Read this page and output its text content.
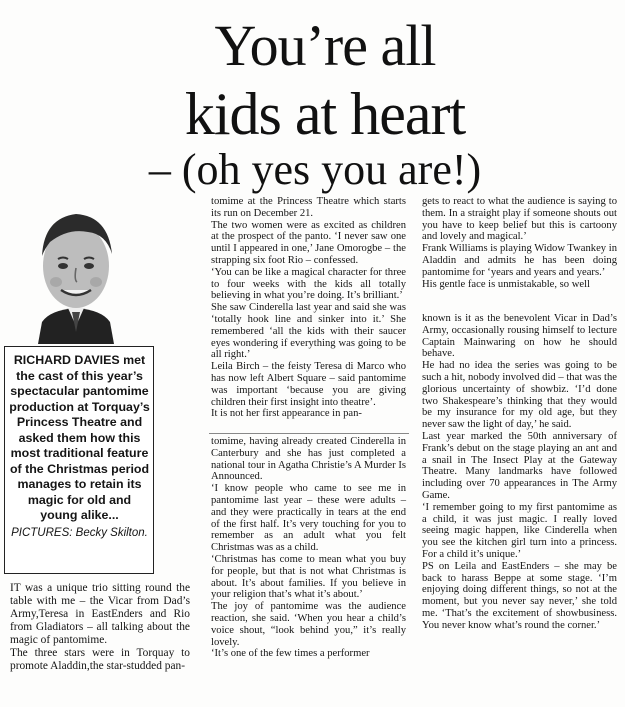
You’re all
kids at heart
– (oh yes you are!)
RICHARD DAVIES met the cast of this year’s spectacular pantomime production at Torquay’s Princess Theatre and asked them how this most traditional feature of the Christmas period manages to retain its magic for old and young alike...
PICTURES: Becky Skilton.

IT was a unique trio sitting round the table with me – the Vicar from Dad’s Army,Teresa in EastEnders and Rio from Gladiators – all talking about the magic of pantomime.

The three stars were in Torquay to promote Aladdin,the star-studded pan-

tomime at the Princess Theatre which starts its run on December 21.

The two women were as excited as children at the prospect of the panto. ‘I never saw one until I appeared in one,’ Jane Omorogbe – the strapping six foot Rio – confessed.

‘You can be like a magical character for three to four weeks with the kids all totally believing in what you’re doing. It’s brilliant.’

She saw Cinderella last year and said she was ‘totally hook line and sinker into it.’ She remembered ‘all the kids with their saucer eyes wondering if everything was going to be all right.’

Leila Birch – the feisty Teresa di Marco who has now left Albert Square – said pantomime was important ‘because you are giving children their first insight into theatre’.

It is not her first appearance in pan-

tomime, having already created Cinderella in Canterbury and she has just completed a national tour in Agatha Christie’s A Murder Is Announced.

‘I know people who came to see me in pantomime last year – these were adults – and they were practically in tears at the end of the first half. It’s very touching for you to remember as an adult what you felt Christmas was as a child.

‘Christmas has come to mean what you buy for people, but that is not what Christmas is about. It’s about families. If you believe in your religion that’s what it’s about.’

The joy of pantomime was the audience reaction, she said. ‘When you hear a child’s voice shout, “look behind you,” it’s really lovely.

‘It’s one of the few times a performer

gets to react to what the audience is saying to them. In a straight play if someone shouts out you have to keep belief but this is cartoony and lovely and magical.’

Frank Williams is playing Widow Twankey in Aladdin and admits he has been doing pantomime for ‘years and years and years.’

His gentle face is unmistakable, so well

known is it as the benevolent Vicar in Dad’s Army, occasionally rousing himself to lecture Captain Mainwaring on how he should behave.

He had no idea the series was going to be such a hit, nobody involved did – that was the glorious uncertainty of showbiz. ‘I’d done two Shakespeare’s thinking that they would be my insurance for my old age, but they never saw the light of day,’ he said.

Last year marked the 50th anniversary of Frank’s debut on the stage playing an ant and a snail in The Insect Play at the Gateway Theatre. Many landmarks have followed including over 70 appearances in The Army Game.

‘I remember going to my first pantomime as a child, it was just magic. I really loved seeing magic happen, like Cinderella when you see the kitchen girl turn into a princess. For a child it’s unique.’

PS on Leila and EastEnders – she may be back to harass Beppe at some stage. ‘I’m enjoying doing different things, so not at the moment, but you never say never,’ she told me. ‘That’s the excitement of showbusiness. You never know what’s round the corner.’
